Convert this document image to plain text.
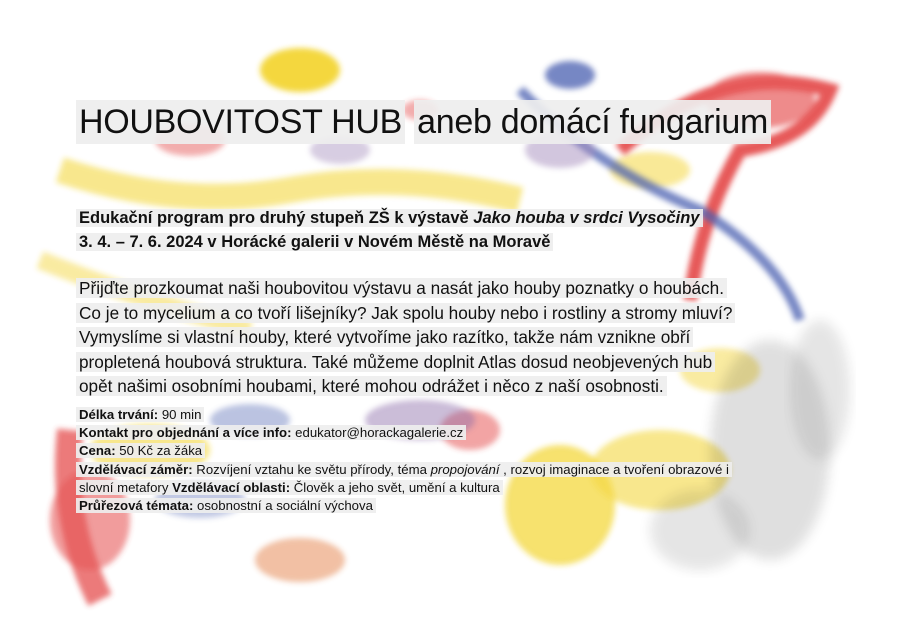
HOUBOVITOST HUB aneb domácí fungarium
Edukační program pro druhý stupeň ZŠ k výstavě Jako houba v srdci Vysočiny
3. 4. – 7. 6. 2024 v Horácké galerii v Novém Městě na Moravě
Přijďte prozkoumat naši houbovitou výstavu a nasát jako houby poznatky o houbách.
Co je to mycelium a co tvoří lišejníky? Jak spolu houby nebo i rostliny a stromy mluví?
Vymyslíme si vlastní houby, které vytvoříme jako razítko, takže nám vznikne obří
propletená houbová struktura. Také můžeme doplnit Atlas dosud neobjevených hub
opět našimi osobními houbami, které mohou odrážet i něco z naší osobnosti.
Délka trvání: 90 min
Kontakt pro objednání a více info: edukator@horackagalerie.cz
Cena: 50 Kč za žáka
Vzdělávací záměr: Rozvíjení vztahu ke světu přírody, téma propojování , rozvoj imaginace a tvoření obrazové i
slovní metafory Vzdělávací oblasti: Člověk a jeho svět, umění a kultura
Průřezová témata: osobnostní a sociální výchova
